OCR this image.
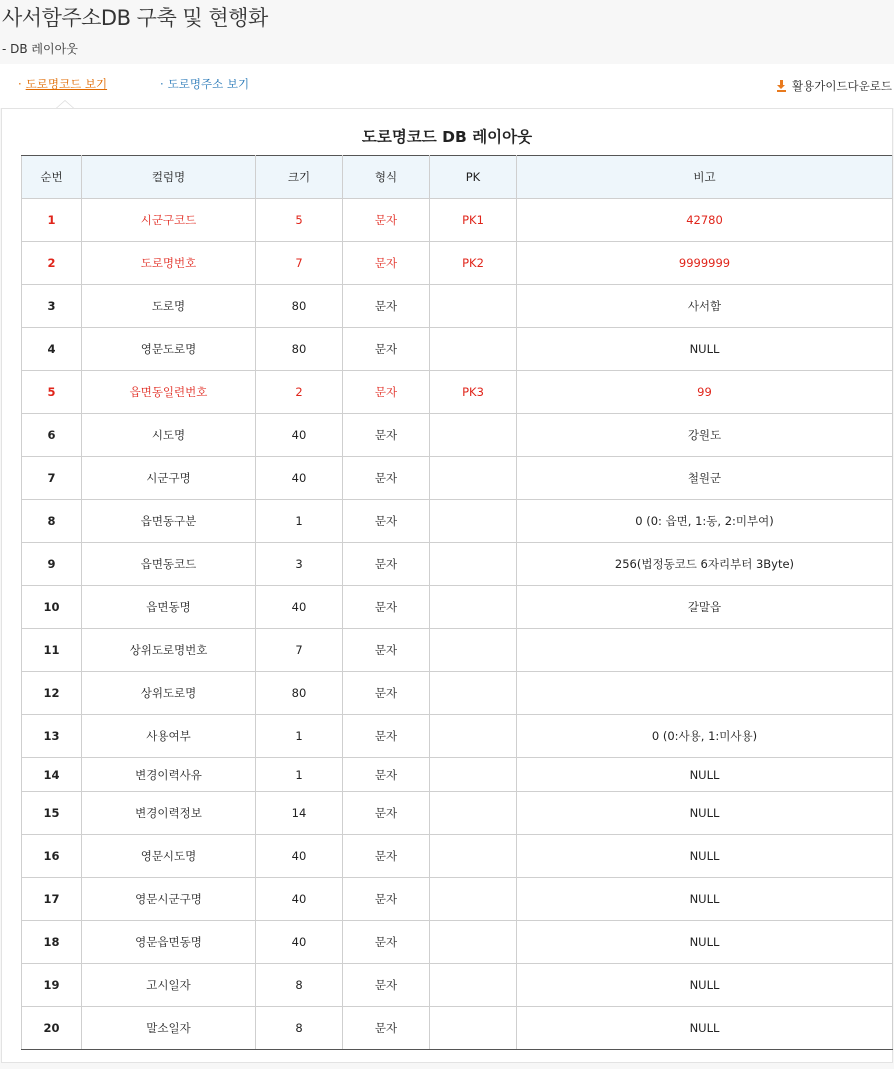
사서함주소DB 구축 및 현행화
- DB 레이아웃
· 도로명코드 보기	· 도로명주소 보기	활용가이드다운로드
도로명코드 DB 레이아웃
순번	컬럼명	크기	형식	PK	비고
1	시군구코드	5	문자	PK1	42780
2	도로명번호	7	문자	PK2	9999999
3	도로명	80	문자		사서함
4	영문도로명	80	문자		NULL
5	읍면동일련번호	2	문자	PK3	99
6	시도명	40	문자		강원도
7	시군구명	40	문자		철원군
8	읍면동구분	1	문자		0 (0: 읍면, 1:동, 2:미부여)
9	읍면동코드	3	문자		256(법정동코드 6자리부터 3Byte)
10	읍면동명	40	문자		갈말읍
11	상위도로명번호	7	문자		
12	상위도로명	80	문자		
13	사용여부	1	문자		0 (0:사용, 1:미사용)
14	변경이력사유	1	문자		NULL
15	변경이력정보	14	문자		NULL
16	영문시도명	40	문자		NULL
17	영문시군구명	40	문자		NULL
18	영문읍면동명	40	문자		NULL
19	고시일자	8	문자		NULL
20	말소일자	8	문자		NULL
